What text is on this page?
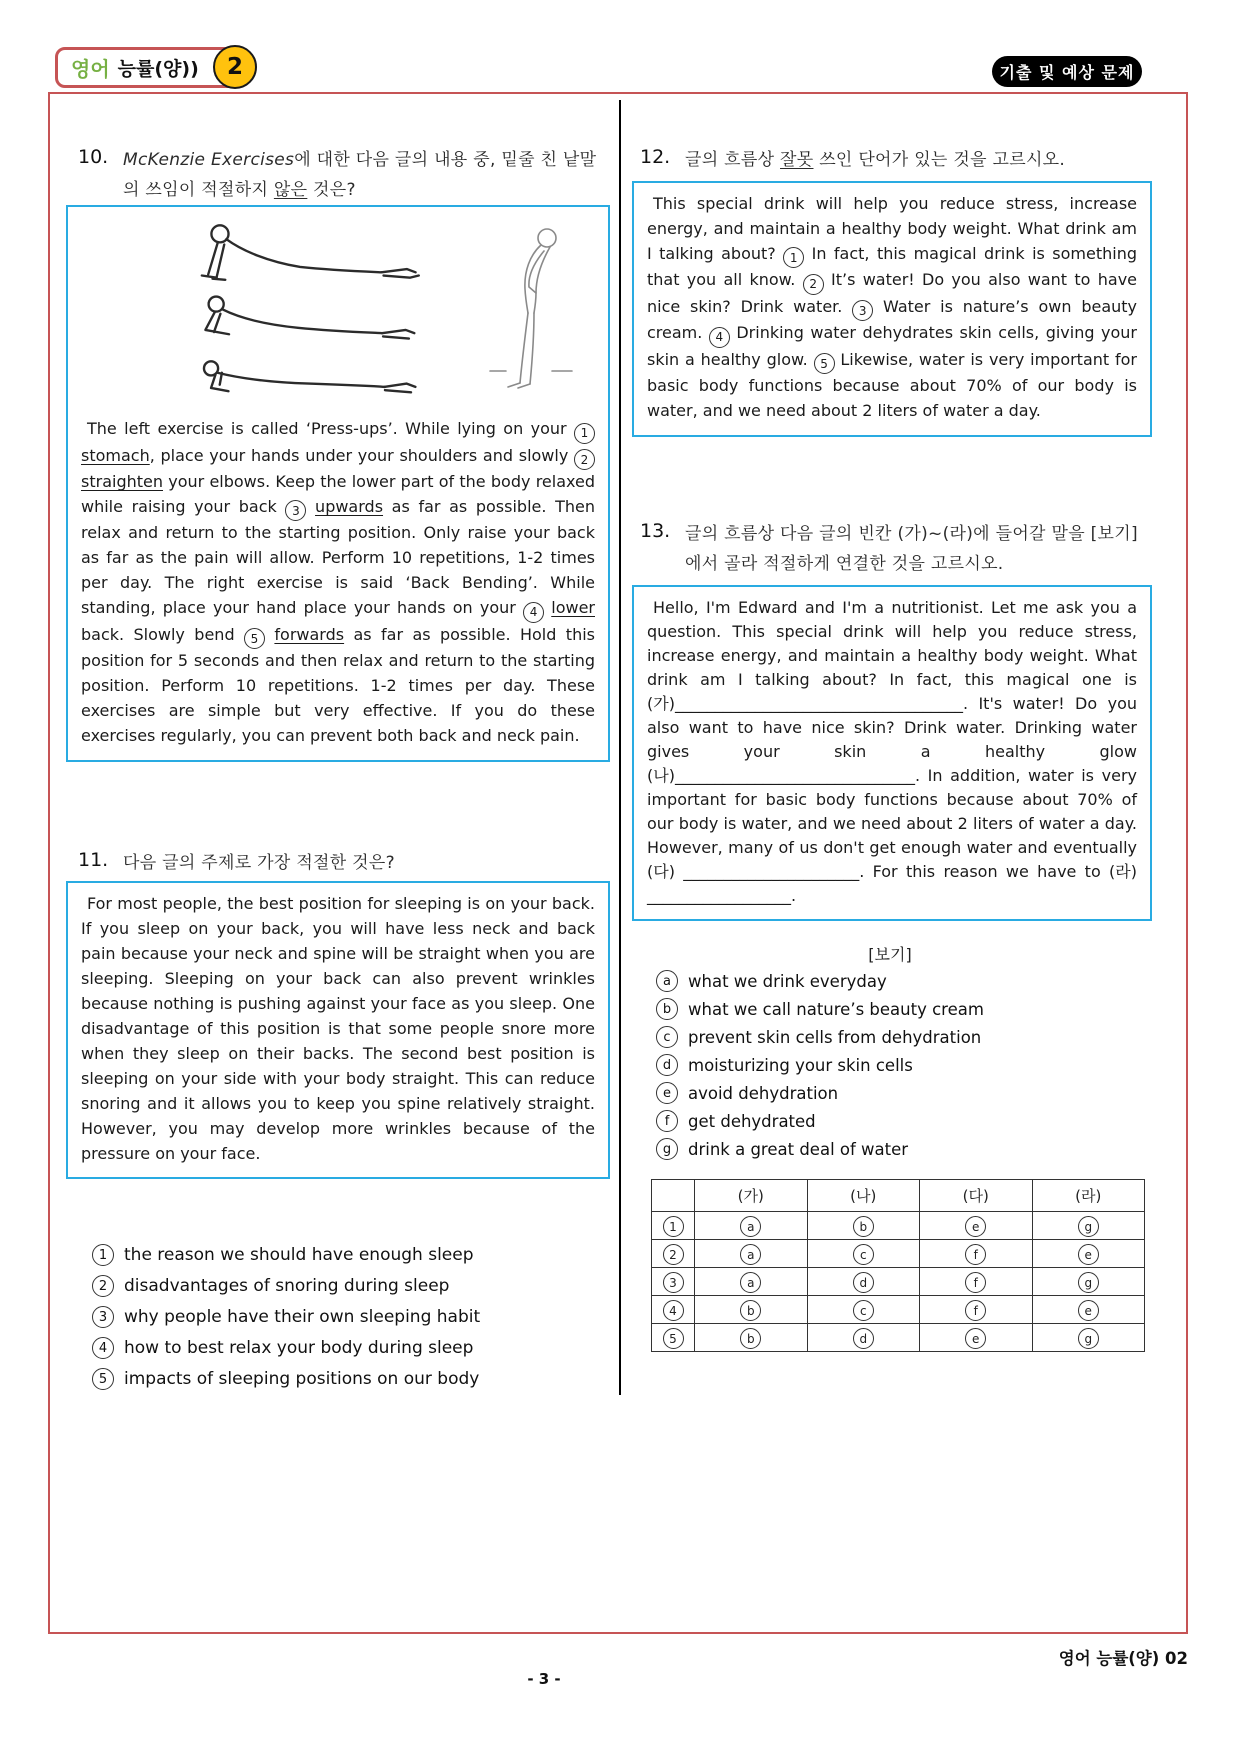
영어 능률(양))	2	기출 및 예상 문제
10. McKenzie Exercises에 대한 다음 글의 내용 중, 밑줄 친 낱말의 쓰임이 적절하지 않은 것은?

The left exercise is called ‘Press-ups’. While lying on your 1 stomach, place your hands under your shoulders and slowly 2 straighten your elbows. Keep the lower part of the body relaxed while raising your back 3 upwards as far as possible. Then relax and return to the starting position. Only raise your back as far as the pain will allow. Perform 10 repetitions, 1-2 times per day. The right exercise is said ‘Back Bending’. While standing, place your hand place your hands on your 4 lower back. Slowly bend 5 forwards as far as possible. Hold this position for 5 seconds and then relax and return to the starting position. Perform 10 repetitions. 1-2 times per day. These exercises are simple but very effective. If you do these exercises regularly, you can prevent both back and neck pain.

11. 다음 글의 주제로 가장 적절한 것은?

For most people, the best position for sleeping is on your back. If you sleep on your back, you will have less neck and back pain because your neck and spine will be straight when you are sleeping. Sleeping on your back can also prevent wrinkles because nothing is pushing against your face as you sleep. One disadvantage of this position is that some people snore more when they sleep on their backs. The second best position is sleeping on your side with your body straight. This can reduce snoring and it allows you to keep you spine relatively straight. However, you may develop more wrinkles because of the pressure on your face.

1 the reason we should have enough sleep
2 disadvantages of snoring during sleep
3 why people have their own sleeping habit
4 how to best relax your body during sleep
5 impacts of sleeping positions on our body
12. 글의 흐름상 잘못 쓰인 단어가 있는 것을 고르시오.

This special drink will help you reduce stress, increase energy, and maintain a healthy body weight. What drink am I talking about? 1 In fact, this magical drink is something that you all know. 2 It’s water! Do you also want to have nice skin? Drink water. 3 Water is nature’s own beauty cream. 4 Drinking water dehydrates skin cells, giving your skin a healthy glow. 5 Likewise, water is very important for basic body functions because about 70% of our body is water, and we need about 2 liters of water a day.

13. 글의 흐름상 다음 글의 빈칸 (가)~(라)에 들어갈 말을 [보기]에서 골라 적절하게 연결한 것을 고르시오.

Hello, I'm Edward and I'm a nutritionist. Let me ask you a question. This special drink will help you reduce stress, increase energy, and maintain a healthy body weight. What drink am I talking about? In fact, this magical one is (가)____________________________________. It's water! Do you also want to have nice skin? Drink water. Drinking water gives your skin a healthy glow (나)______________________________. In addition, water is very important for basic body functions because about 70% of our body is water, and we need about 2 liters of water a day. However, many of us don't get enough water and eventually (다) ______________________. For this reason we have to (라) __________________.

[보기]
a	what we drink everyday
b	what we call nature’s beauty cream
c	prevent skin cells from dehydration
d	moisturizing your skin cells
e	avoid dehydration
f	get dehydrated
g	drink a great deal of water
	(가)	(나)	(다)	(라)
1	a	b	e	g
2	a	c	f	e
3	a	d	f	g
4	b	c	f	e
5	b	d	e	g
영어 능률(양) 02
- 3 -
